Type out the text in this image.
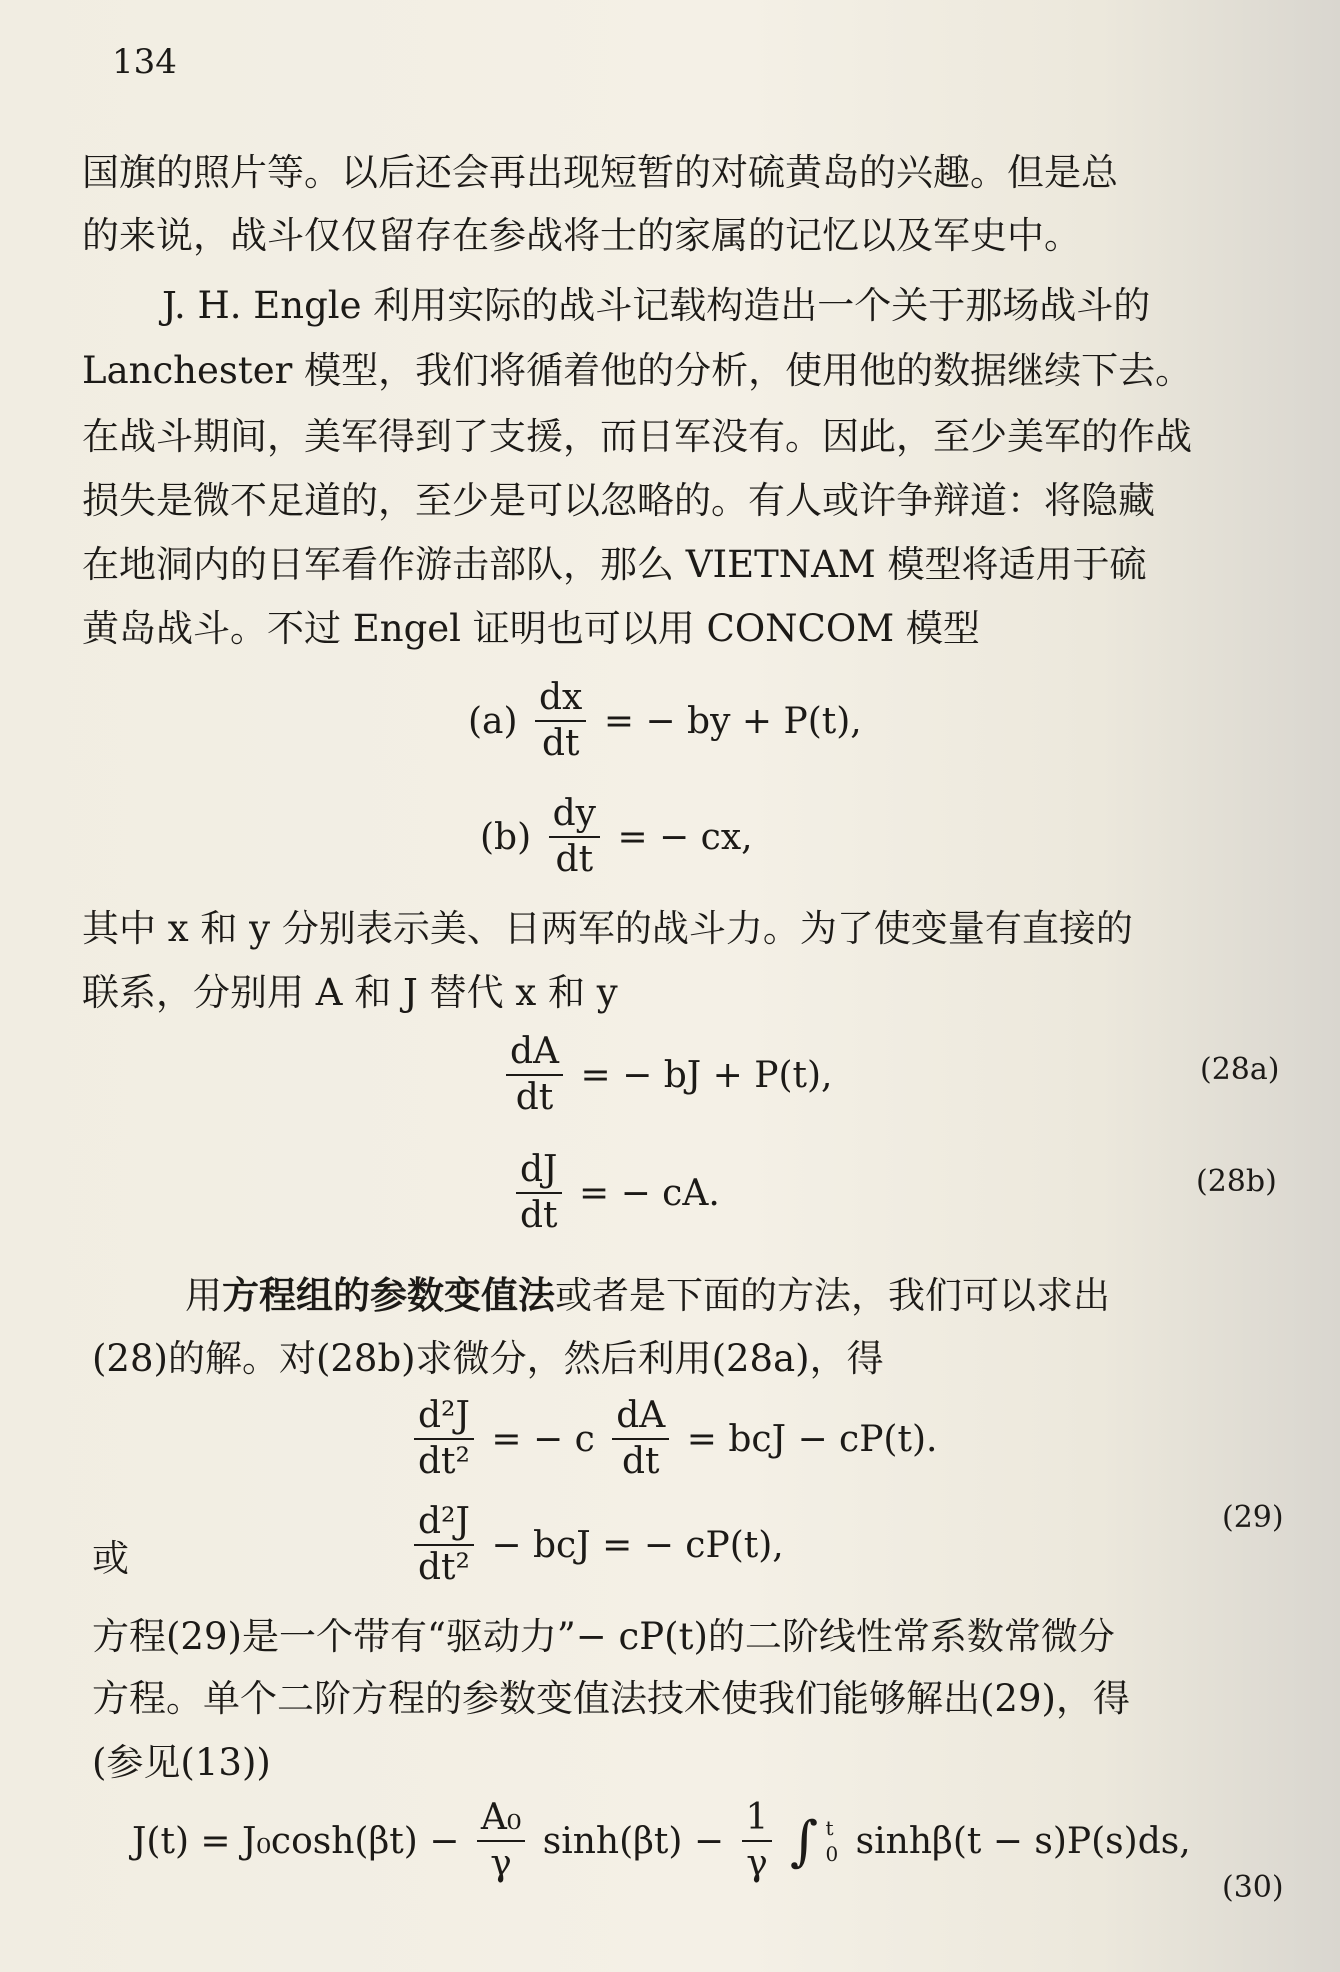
134
国旗的照片等。以后还会再出现短暂的对硫黄岛的兴趣。但是总
的来说，战斗仅仅留存在参战将士的家属的记忆以及军史中。
J. H. Engle 利用实际的战斗记载构造出一个关于那场战斗的
Lanchester 模型，我们将循着他的分析，使用他的数据继续下去。
在战斗期间，美军得到了支援，而日军没有。因此，至少美军的作战
损失是微不足道的，至少是可以忽略的。有人或许争辩道：将隐藏
在地洞内的日军看作游击部队，那么 VIETNAM 模型将适用于硫
黄岛战斗。不过 Engel 证明也可以用 CONCOM 模型
$(a) \frac{dx}{dt}$ = − by + P(t),
$(b) \frac{dy}{dt}$ = − cx,
其中 x 和 y 分别表示美、日两军的战斗力。为了使变量有直接的
联系，分别用 A 和 J 替代 x 和 y
$\frac{dA}{dt}$ = − bJ + P(t),	(28a)
$\frac{dJ}{dt}$ = − cA.	(28b)
用方程组的参数变值法或者是下面的方法，我们可以求出
(28)的解。对(28b)求微分，然后利用(28a)，得
$\frac{\text{d²J}}{\text{dt²}}$ = − c $\frac{dA}{dt}$ = bcJ − cP(t).
或	$\frac{\text{d²J}}{\text{dt²}}$ − bcJ = − cP(t),
(29)
方程(29)是一个带有“驱动力”− cP(t)的二阶线性常系数常微分
方程。单个二阶方程的参数变值法技术使我们能够解出(29)，得
(参见(13))
$J(t) = J_0\cosh(\beta t) - \frac{\text{A₀}}{\gamma} \sinh(\beta t) - \frac{1}{\gamma}$ ∫ t
0 sinhβ(t − s)P(s)ds,
(30)
